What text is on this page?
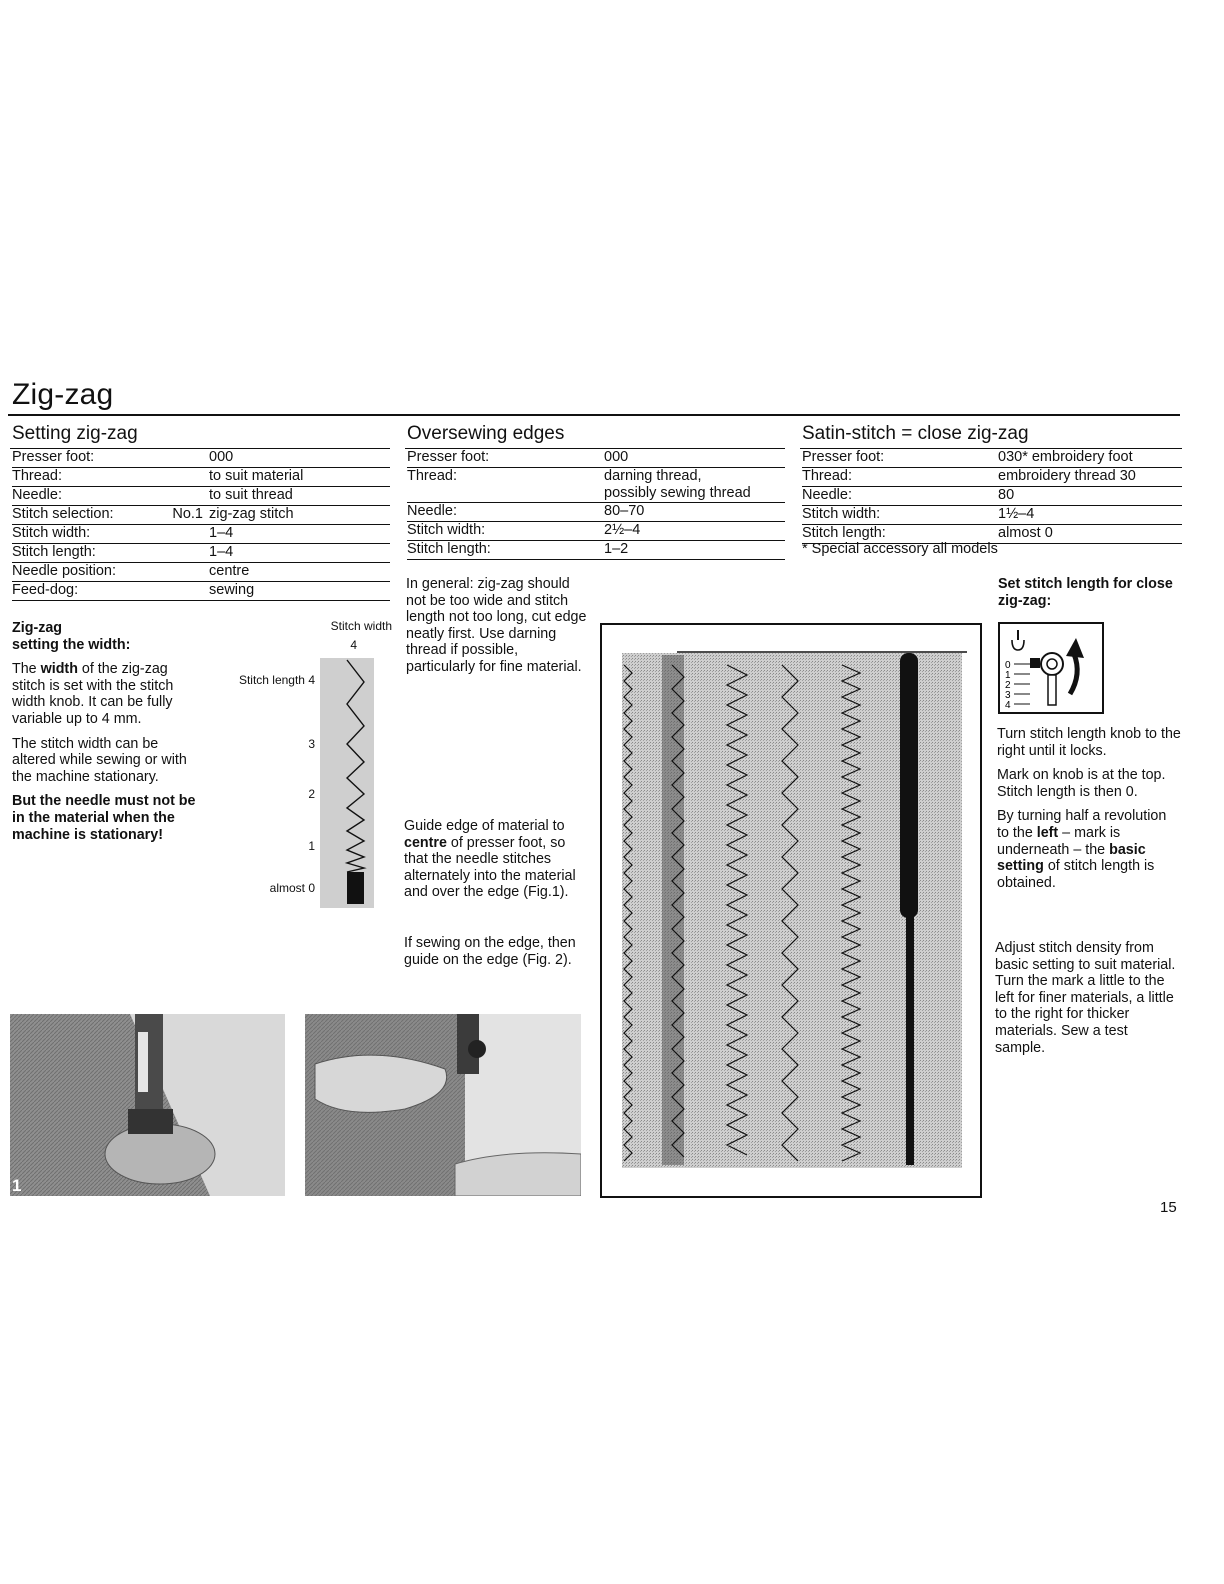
Zig-zag
Setting zig-zag
Presser foot:		000
Thread:		to suit material
Needle:		to suit thread
Stitch selection:	No.1	zig-zag stitch
Stitch width:		1–4
Stitch length:		1–4
Needle position:		centre
Feed-dog:		sewing
Zig-zag
setting the width:

The width of the zig-zag stitch is set with the stitch width knob. It can be fully variable up to 4 mm.

The stitch width can be altered while sewing or with the machine stationary.

But the needle must not be in the material when the machine is stationary!

Stitch width
4
Stitch length 4
3
2
1
almost 0
1
Oversewing edges
Presser foot:	000

Thread:	darning thread,
possibly sewing thread

Needle:	80–70

Stitch width:	2½–4

Stitch length:	1–2
In general: zig-zag should not be too wide and stitch length not too long, cut edge neatly first. Use darning thread if possible, particularly for fine material.
Guide edge of material to centre of presser foot, so that the needle stitches alternately into the material and over the edge (Fig.1).
If sewing on the edge, then guide on the edge (Fig. 2).
Satin-stitch = close zig-zag
Presser foot:	030* embroidery foot
Thread:	embroidery thread 30
Needle:	80
Stitch width:	1½–4
Stitch length:	almost 0
* Special accessory all models
Set stitch length for close zig-zag:
0
1
2
3
4

Turn stitch length knob to the right until it locks.

Mark on knob is at the top. Stitch length is then 0.

By turning half a revolution to the left – mark is underneath – the basic setting of stitch length is obtained.

Adjust stitch density from basic setting to suit material. Turn the mark a little to the left for finer materials, a little to the right for thicker materials. Sew a test sample.
15
